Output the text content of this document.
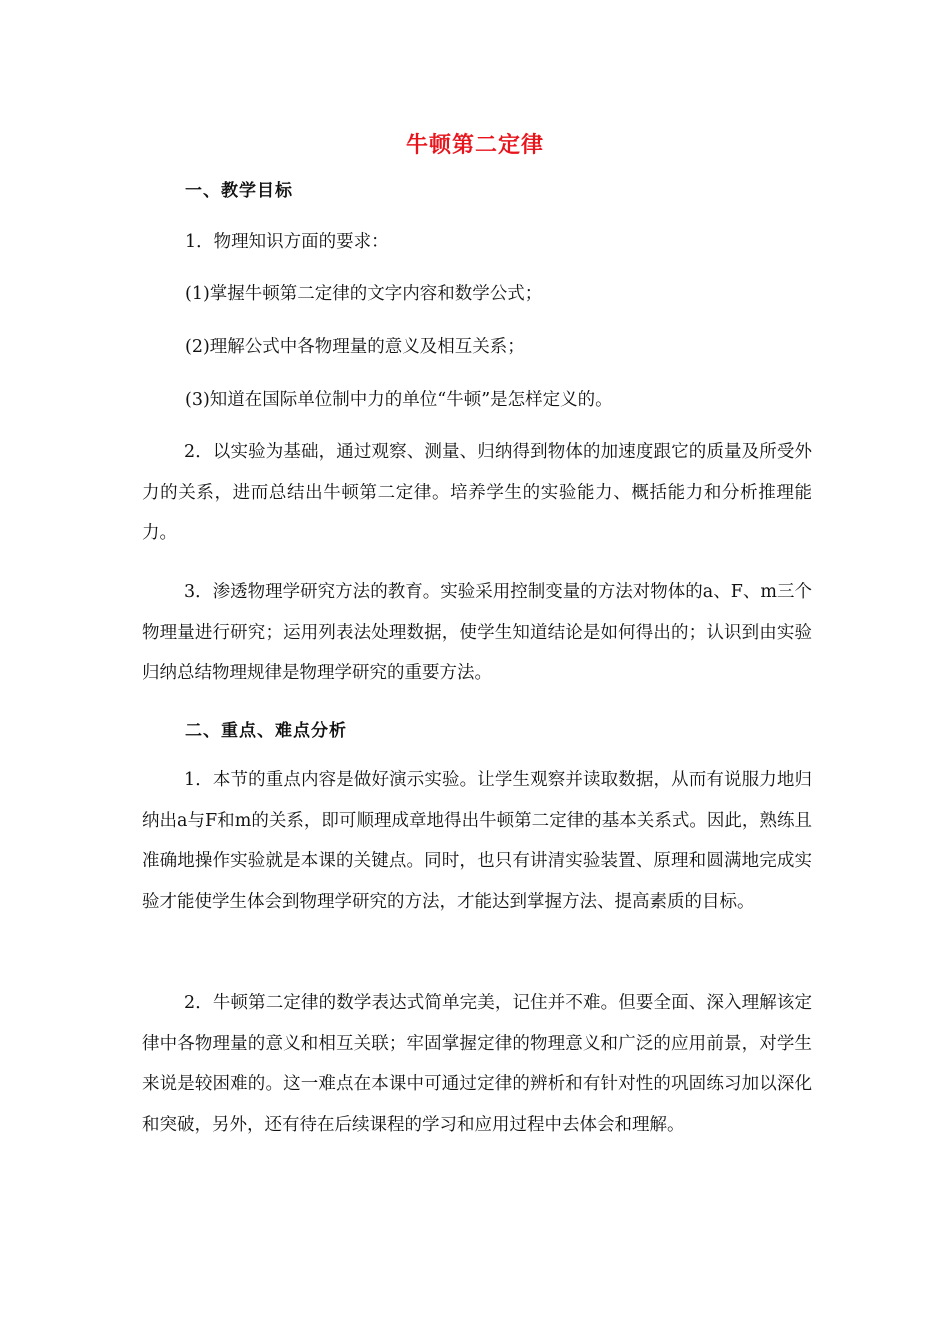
牛顿第二定律
一、教学目标
1．物理知识方面的要求：
(1)掌握牛顿第二定律的文字内容和数学公式；
(2)理解公式中各物理量的意义及相互关系；
(3)知道在国际单位制中力的单位“牛顿”是怎样定义的。
2．以实验为基础，通过观察、测量、归纳得到物体的加速度跟它的质量及所受外力的关系，进而总结出牛顿第二定律。培养学生的实验能力、概括能力和分析推理能力。
3．渗透物理学研究方法的教育。实验采用控制变量的方法对物体的a、F、m三个物理量进行研究；运用列表法处理数据，使学生知道结论是如何得出的；认识到由实验归纳总结物理规律是物理学研究的重要方法。
二、重点、难点分析
1．本节的重点内容是做好演示实验。让学生观察并读取数据，从而有说服力地归纳出a与F和m的关系，即可顺理成章地得出牛顿第二定律的基本关系式。因此，熟练且准确地操作实验就是本课的关键点。同时，也只有讲清实验装置、原理和圆满地完成实验才能使学生体会到物理学研究的方法，才能达到掌握方法、提高素质的目标。
2．牛顿第二定律的数学表达式简单完美，记住并不难。但要全面、深入理解该定律中各物理量的意义和相互关联；牢固掌握定律的物理意义和广泛的应用前景，对学生来说是较困难的。这一难点在本课中可通过定律的辨析和有针对性的巩固练习加以深化和突破，另外，还有待在后续课程的学习和应用过程中去体会和理解。
